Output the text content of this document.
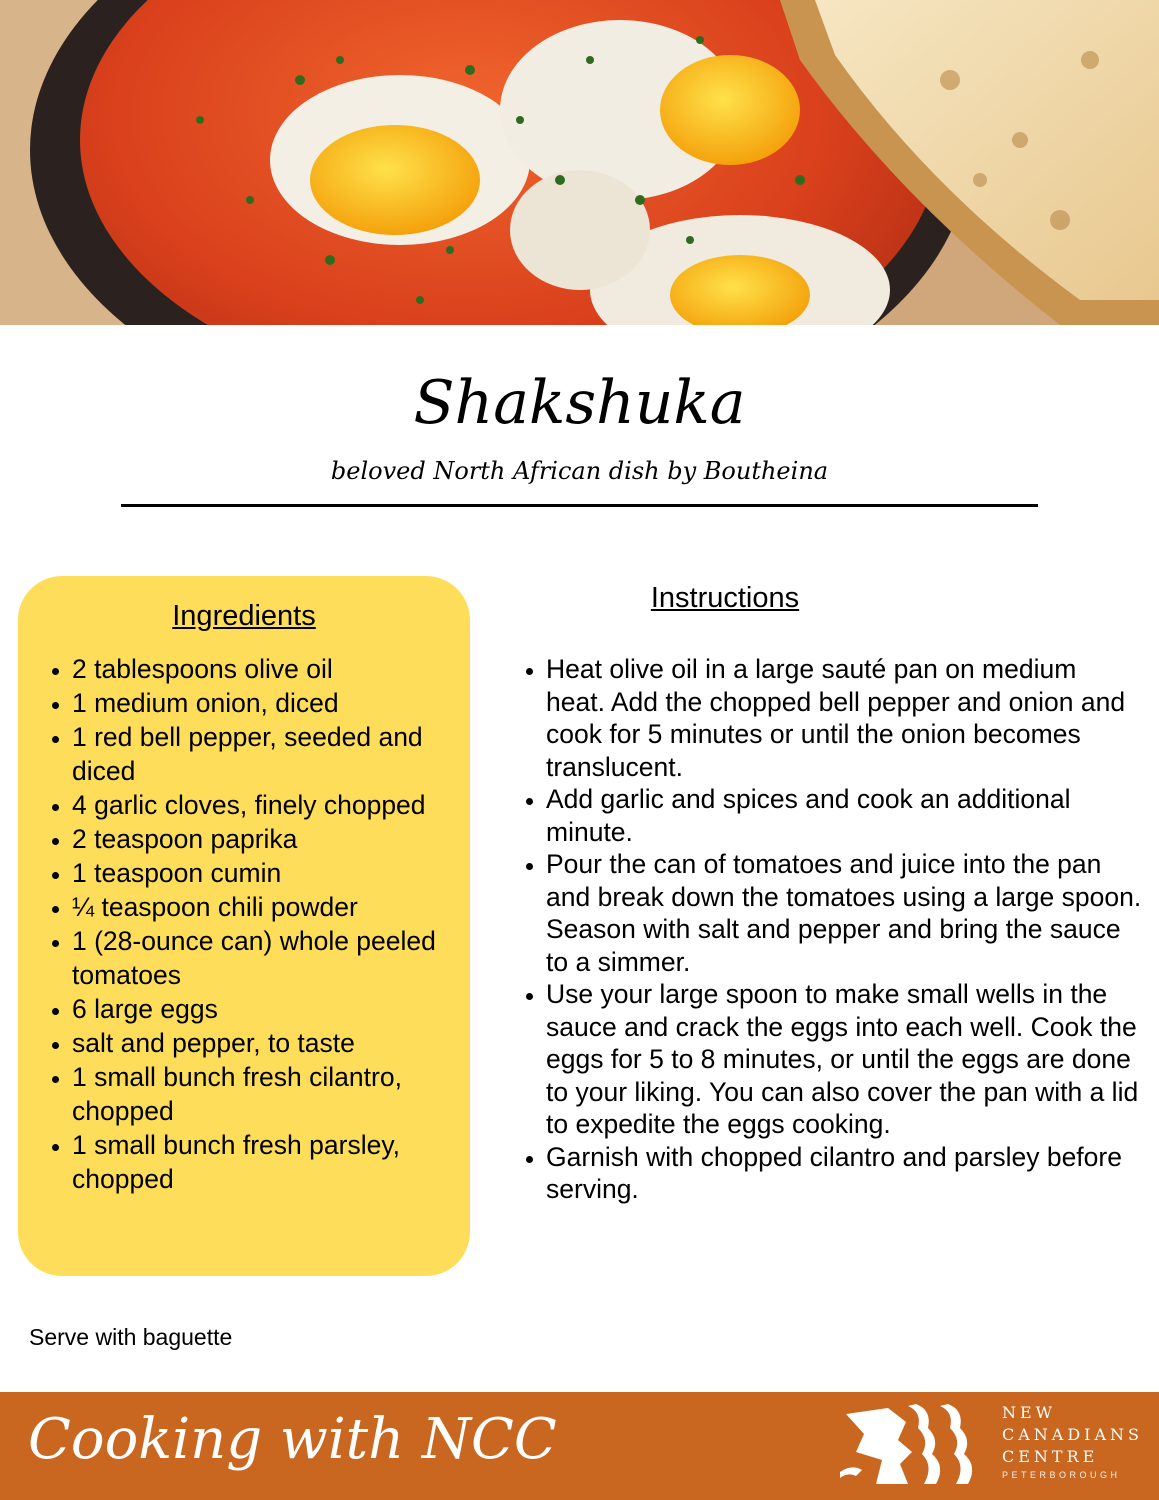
Shakshuka
beloved North African dish by Boutheina
Ingredients
• 2 tablespoons olive oil
• 1 medium onion, diced
• 1 red bell pepper, seeded and diced
• 4 garlic cloves, finely chopped
• 2 teaspoon paprika
• 1 teaspoon cumin
• ¼ teaspoon chili powder
• 1 (28-ounce can) whole peeled tomatoes
• 6 large eggs
• salt and pepper, to taste
• 1 small bunch fresh cilantro, chopped
• 1 small bunch fresh parsley, chopped
Instructions
• Heat olive oil in a large sauté pan on medium heat. Add the chopped bell pepper and onion and cook for 5 minutes or until the onion becomes translucent.
• Add garlic and spices and cook an additional minute.
• Pour the can of tomatoes and juice into the pan and break down the tomatoes using a large spoon. Season with salt and pepper and bring the sauce to a simmer.
• Use your large spoon to make small wells in the sauce and crack the eggs into each well. Cook the eggs for 5 to 8 minutes, or until the eggs are done to your liking. You can also cover the pan with a lid to expedite the eggs cooking.
• Garnish with chopped cilantro and parsley before serving.
Serve with baguette
Cooking with NCC	NEW
CANADIANS
CENTRE
PETERBOROUGH
